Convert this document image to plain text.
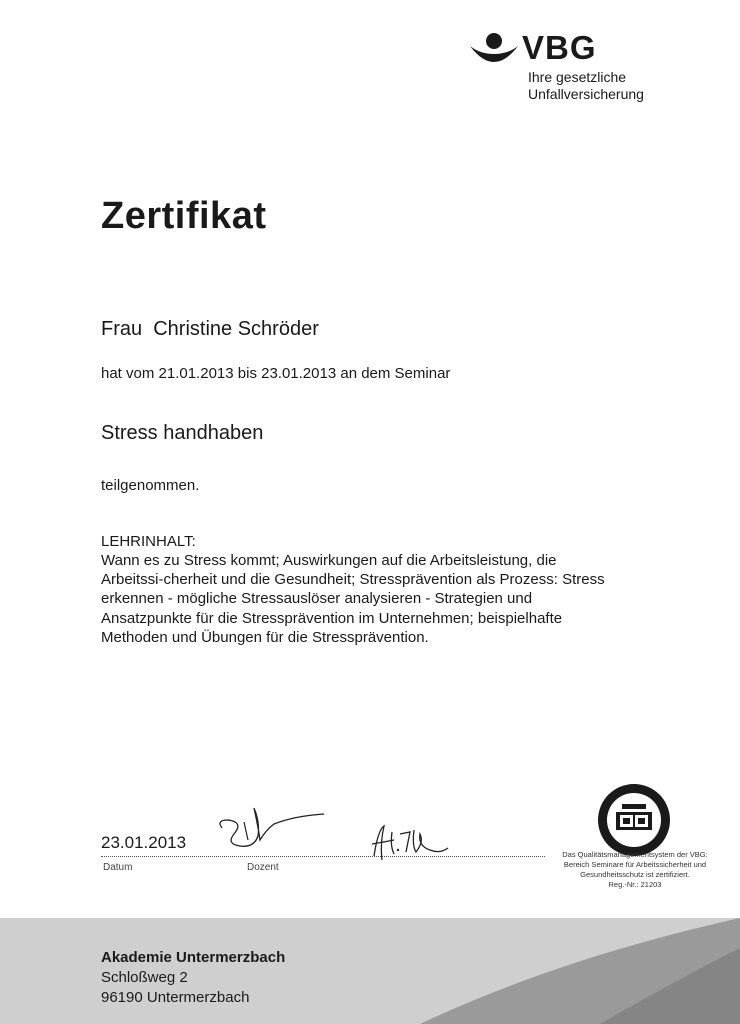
VBG
Ihre gesetzliche
Unfallversicherung
Zertifikat
Frau  Christine Schröder
hat vom 21.01.2013 bis 23.01.2013 an dem Seminar
Stress handhaben
teilgenommen.
LEHRINHALT:
Wann es zu Stress kommt; Auswirkungen auf die Arbeitsleistung, die Arbeitssi-cherheit und die Gesundheit; Stressprävention als Prozess: Stress erkennen - mögliche Stressauslöser analysieren - Strategien und Ansatzpunkte für die Stressprävention im Unternehmen; beispielhafte Methoden und Übungen für die Stressprävention.
23.01.2013
Datum	Dozent
Das Qualitätsmanagementsystem der VBG:
Bereich Seminare für Arbeitssicherheit und
Gesundheitsschutz ist zertifiziert.
Reg.-Nr.: 21203
Akademie Untermerzbach
Schloßweg 2
96190 Untermerzbach
